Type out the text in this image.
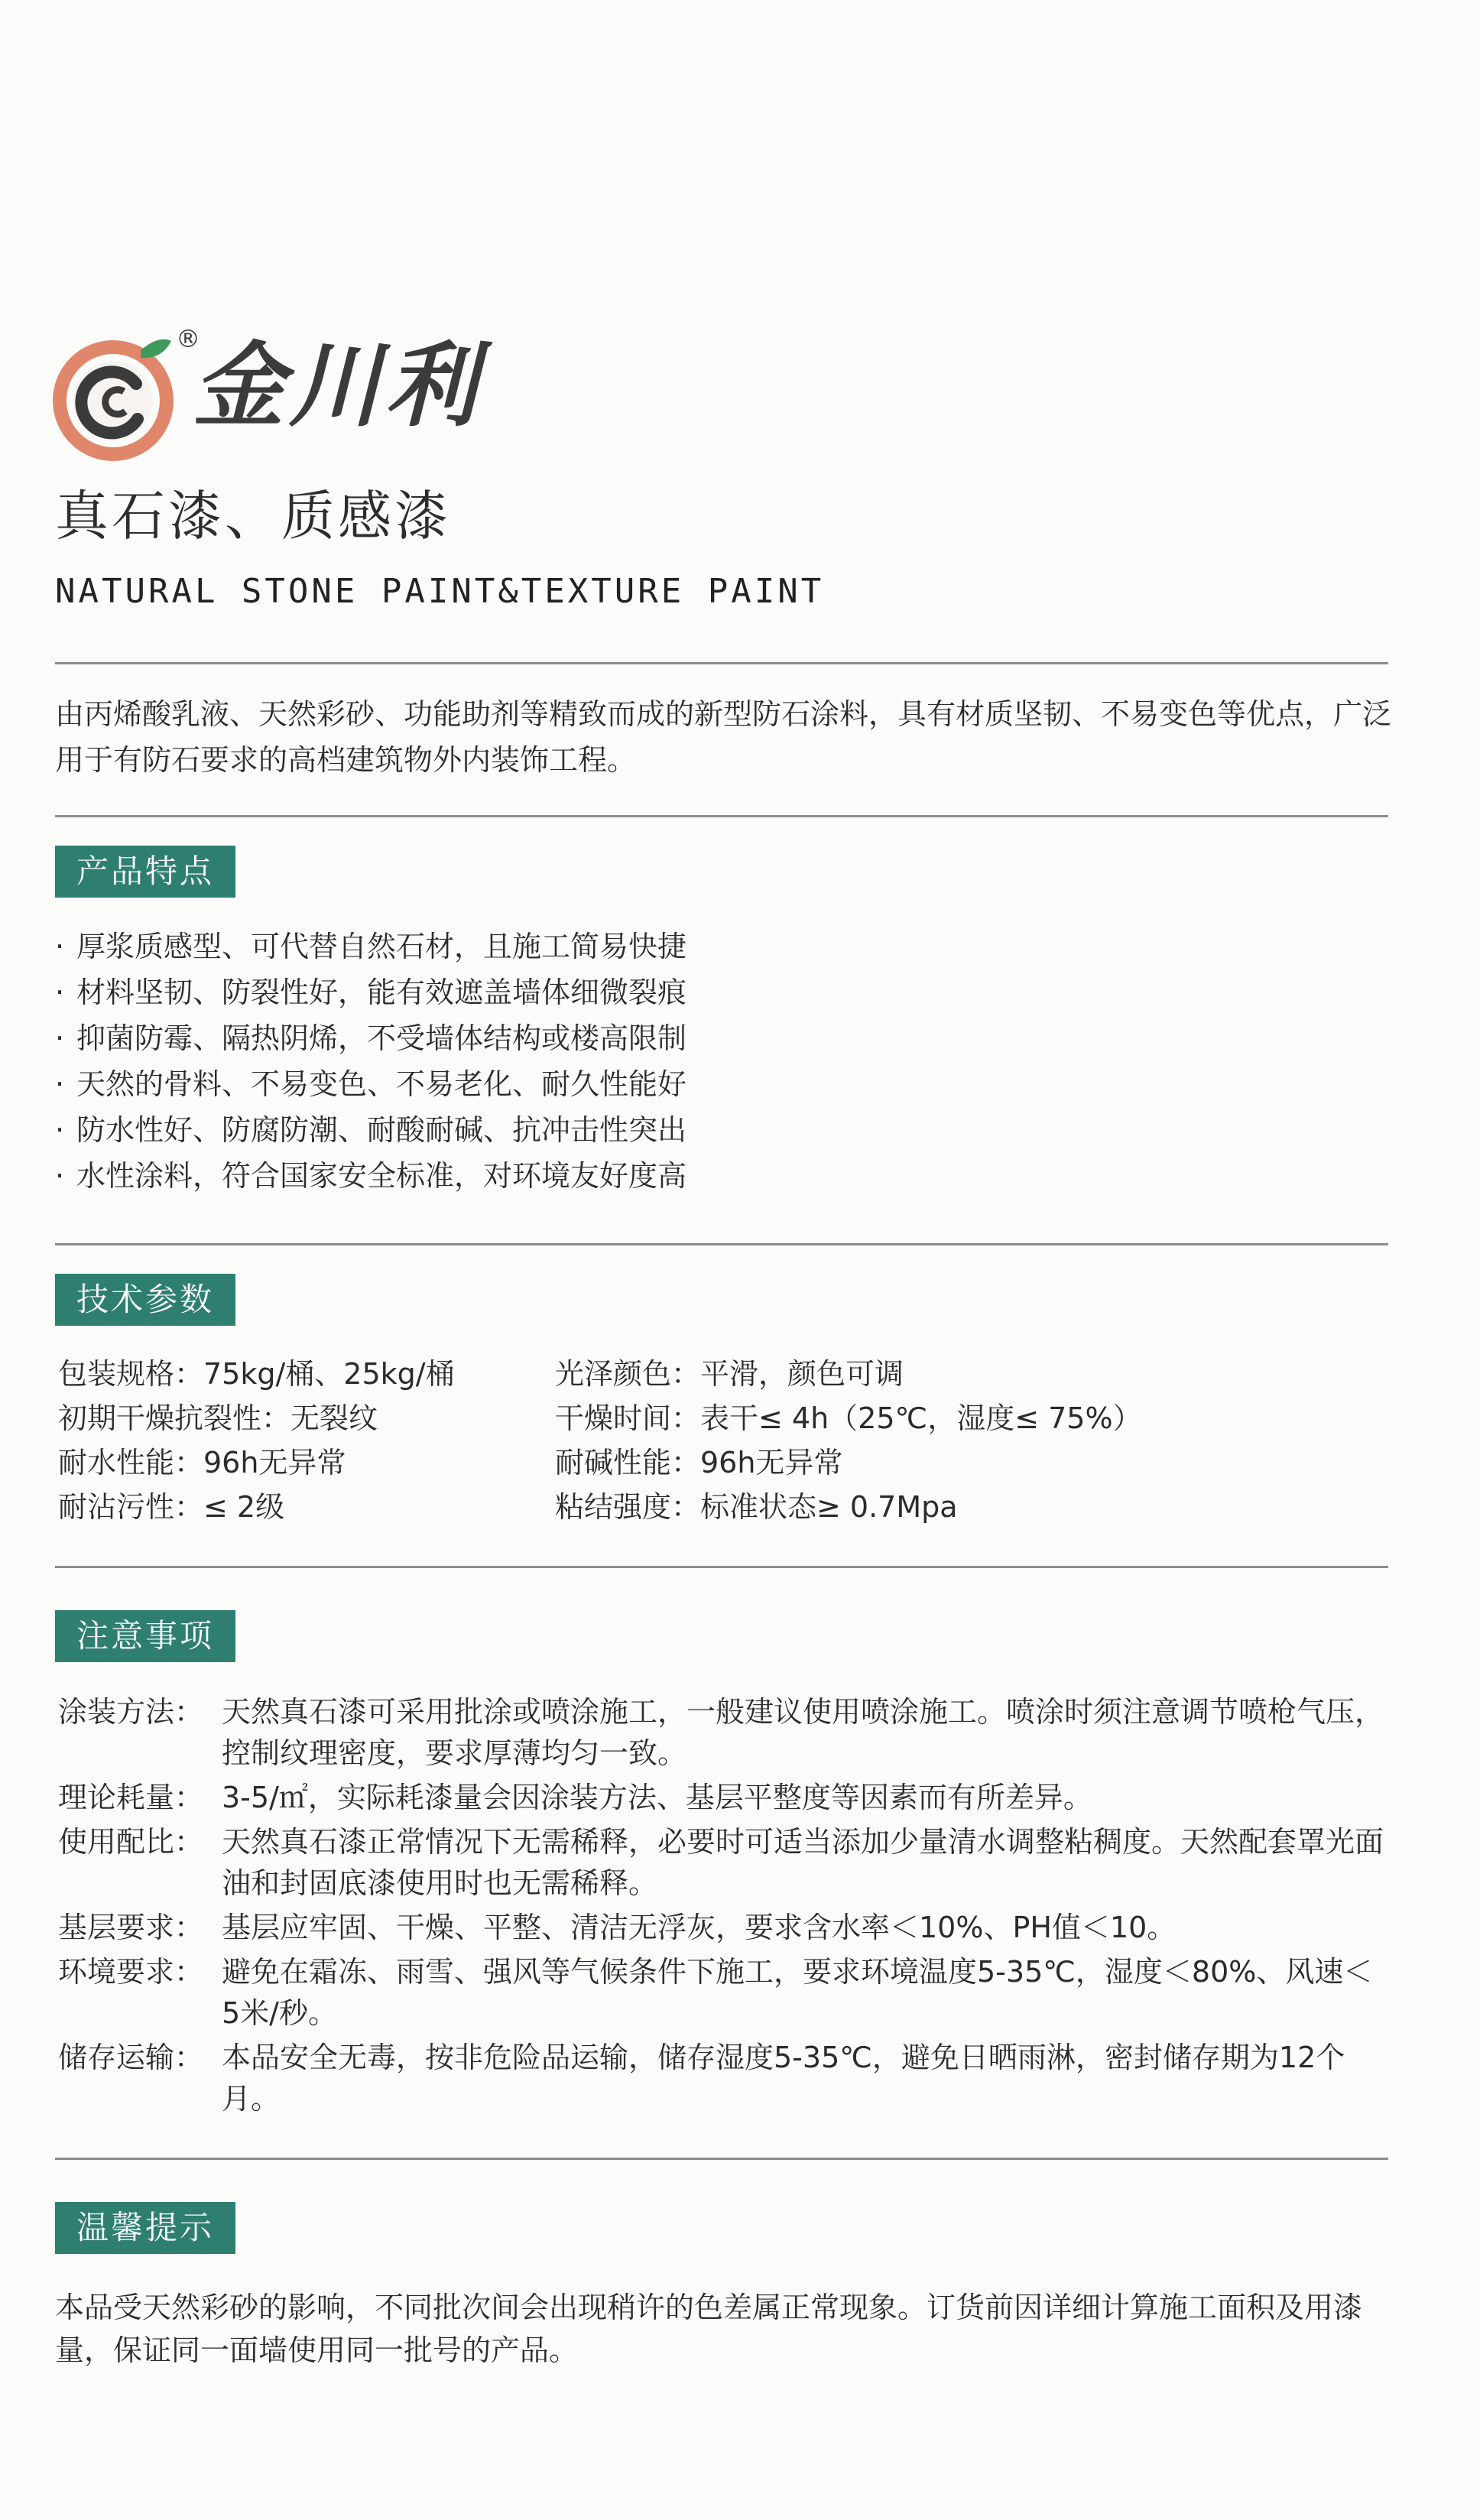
®
金川利
真石漆、质感漆
NATURAL STONE PAINT&TEXTURE PAINT
由丙烯酸乳液、天然彩砂、功能助剂等精致而成的新型防石涂料，具有材质坚韧、不易变色等优点，广泛用于有防石要求的高档建筑物外内装饰工程。
产品特点
· 厚浆质感型、可代替自然石材，且施工简易快捷
· 材料坚韧、防裂性好，能有效遮盖墙体细微裂痕
· 抑菌防霉、隔热阴烯，不受墙体结构或楼高限制
· 天然的骨料、不易变色、不易老化、耐久性能好
· 防水性好、防腐防潮、耐酸耐碱、抗冲击性突出
· 水性涂料，符合国家安全标准，对环境友好度高
技术参数
包装规格：75kg/桶、25kg/桶	光泽颜色：平滑，颜色可调
初期干燥抗裂性：无裂纹	干燥时间：表干≤ 4h（25℃，湿度≤ 75%）
耐水性能：96h无异常	耐碱性能：96h无异常
耐沾污性：≤ 2级	粘结强度：标准状态≥ 0.7Mpa
注意事项
涂装方法： 天然真石漆可采用批涂或喷涂施工，一般建议使用喷涂施工。喷涂时须注意调节喷枪气压，控制纹理密度，要求厚薄均匀一致。
理论耗量： 3-5/㎡，实际耗漆量会因涂装方法、基层平整度等因素而有所差异。
使用配比： 天然真石漆正常情况下无需稀释，必要时可适当添加少量清水调整粘稠度。天然配套罩光面油和封固底漆使用时也无需稀释。
基层要求： 基层应牢固、干燥、平整、清洁无浮灰，要求含水率＜10%、PH值＜10。
环境要求： 避免在霜冻、雨雪、强风等气候条件下施工，要求环境温度5-35℃，湿度＜80%、风速＜5米/秒。
储存运输： 本品安全无毒，按非危险品运输，储存湿度5-35℃，避免日晒雨淋，密封储存期为12个月。
温馨提示
本品受天然彩砂的影响，不同批次间会出现稍许的色差属正常现象。订货前因详细计算施工面积及用漆量，保证同一面墙使用同一批号的产品。
